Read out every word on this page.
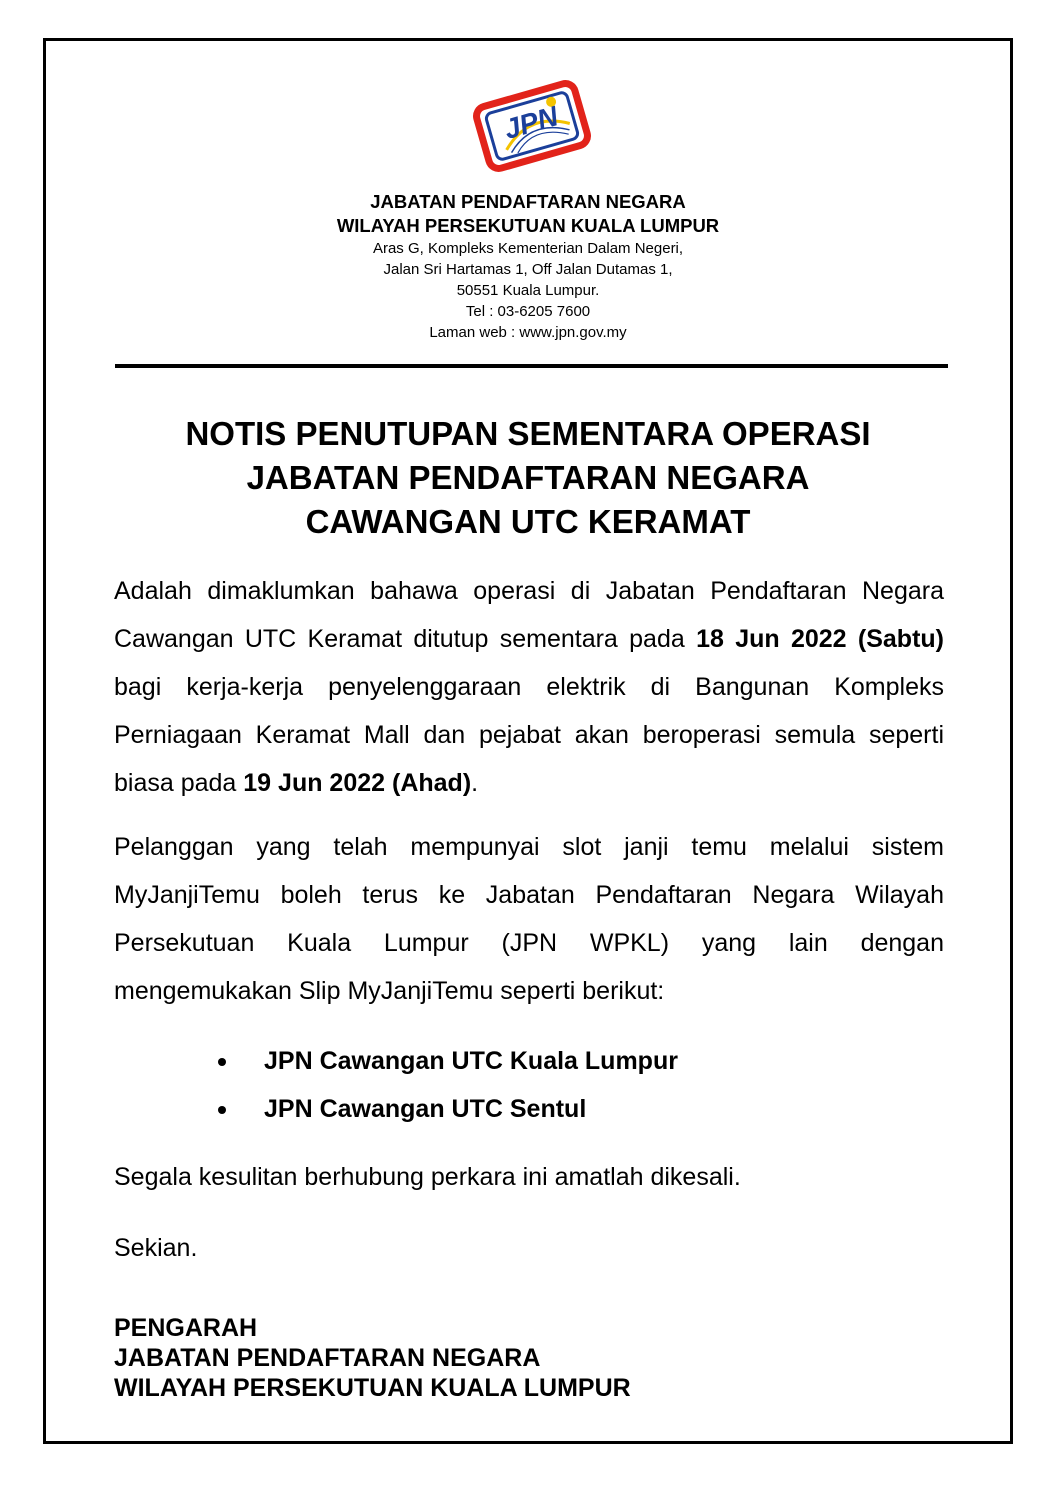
JPN
JABATAN PENDAFTARAN NEGARA
WILAYAH PERSEKUTUAN KUALA LUMPUR
Aras G, Kompleks Kementerian Dalam Negeri,
Jalan Sri Hartamas 1, Off Jalan Dutamas 1,
50551 Kuala Lumpur.
Tel : 03-6205 7600
Laman web : www.jpn.gov.my
NOTIS PENUTUPAN SEMENTARA OPERASI
JABATAN PENDAFTARAN NEGARA
CAWANGAN UTC KERAMAT

Adalah dimaklumkan bahawa operasi di Jabatan Pendaftaran Negara Cawangan UTC Keramat ditutup sementara pada 18 Jun 2022 (Sabtu) bagi kerja-kerja penyelenggaraan elektrik di Bangunan Kompleks Perniagaan Keramat Mall dan pejabat akan beroperasi semula seperti biasa pada 19 Jun 2022 (Ahad).

Pelanggan yang telah mempunyai slot janji temu melalui sistem MyJanjiTemu boleh terus ke Jabatan Pendaftaran Negara Wilayah Persekutuan Kuala Lumpur (JPN WPKL) yang lain dengan mengemukakan Slip MyJanjiTemu seperti berikut:

JPN Cawangan UTC Kuala Lumpur
JPN Cawangan UTC Sentul
Segala kesulitan berhubung perkara ini amatlah dikesali.
Sekian.
PENGARAH
JABATAN PENDAFTARAN NEGARA
WILAYAH PERSEKUTUAN KUALA LUMPUR
